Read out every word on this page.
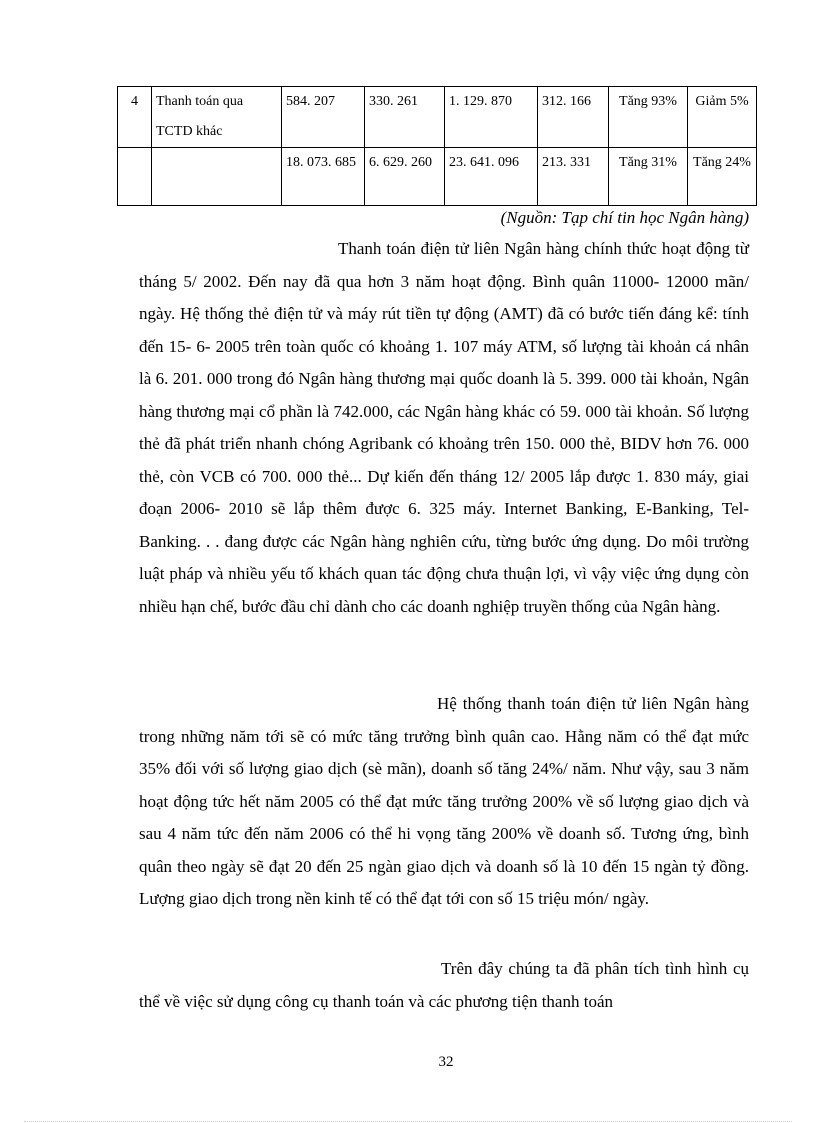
4	Thanh toán qua TCTD khác	584. 207	330. 261	1. 129. 870	312. 166	Tăng 93%	Giảm 5%
		18. 073. 685	6. 629. 260	23. 641. 096	213. 331	Tăng 31%	Tăng 24%
(Nguồn: Tạp chí tin học Ngân hàng)

Thanh toán điện tử liên Ngân hàng chính thức hoạt động từ tháng 5/ 2002. Đến nay đã qua hơn 3 năm hoạt động. Bình quân 11000- 12000 mãn/ ngày. Hệ thống thẻ điện tử và máy rút tiền tự động (AMT) đã có bước tiến đáng kể: tính đến 15- 6- 2005 trên toàn quốc có khoảng 1. 107 máy ATM, số lượng tài khoản cá nhân là 6. 201. 000 trong đó Ngân hàng thương mại quốc doanh là 5. 399. 000 tài khoản, Ngân hàng thương mại cổ phần là 742.000, các Ngân hàng khác có 59. 000 tài khoản. Số lượng thẻ đã phát triển nhanh chóng Agribank có khoảng trên 150. 000 thẻ, BIDV hơn 76. 000 thẻ, còn VCB có 700. 000 thẻ... Dự kiến đến tháng 12/ 2005 lắp được 1. 830 máy, giai đoạn 2006- 2010 sẽ lắp thêm được 6. 325 máy. Internet Banking, E-Banking, Tel- Banking. . . đang được các Ngân hàng nghiên cứu, từng bước ứng dụng. Do môi trường luật pháp và nhiều yếu tố khách quan tác động chưa thuận lợi, vì vậy việc ứng dụng còn nhiều hạn chế, bước đầu chỉ dành cho các doanh nghiệp truyền thống của Ngân hàng.

Hệ thống thanh toán điện tử liên Ngân hàng trong những năm tới sẽ có mức tăng trưởng bình quân cao. Hằng năm có thể đạt mức 35% đối với số lượng giao dịch (sè mãn), doanh số tăng 24%/ năm. Như vậy, sau 3 năm hoạt động tức hết năm 2005 có thể đạt mức tăng trưởng 200% về số lượng giao dịch và sau 4 năm tức đến năm 2006 có thể hi vọng tăng 200% về doanh số. Tương ứng, bình quân theo ngày sẽ đạt 20 đến 25 ngàn giao dịch và doanh số là 10 đến 15 ngàn tỷ đồng. Lượng giao dịch trong nền kinh tế có thể đạt tới con số 15 triệu món/ ngày.

Trên đây chúng ta đã phân tích tình hình cụ thể về việc sử dụng công cụ thanh toán và các phương tiện thanh toán

32
